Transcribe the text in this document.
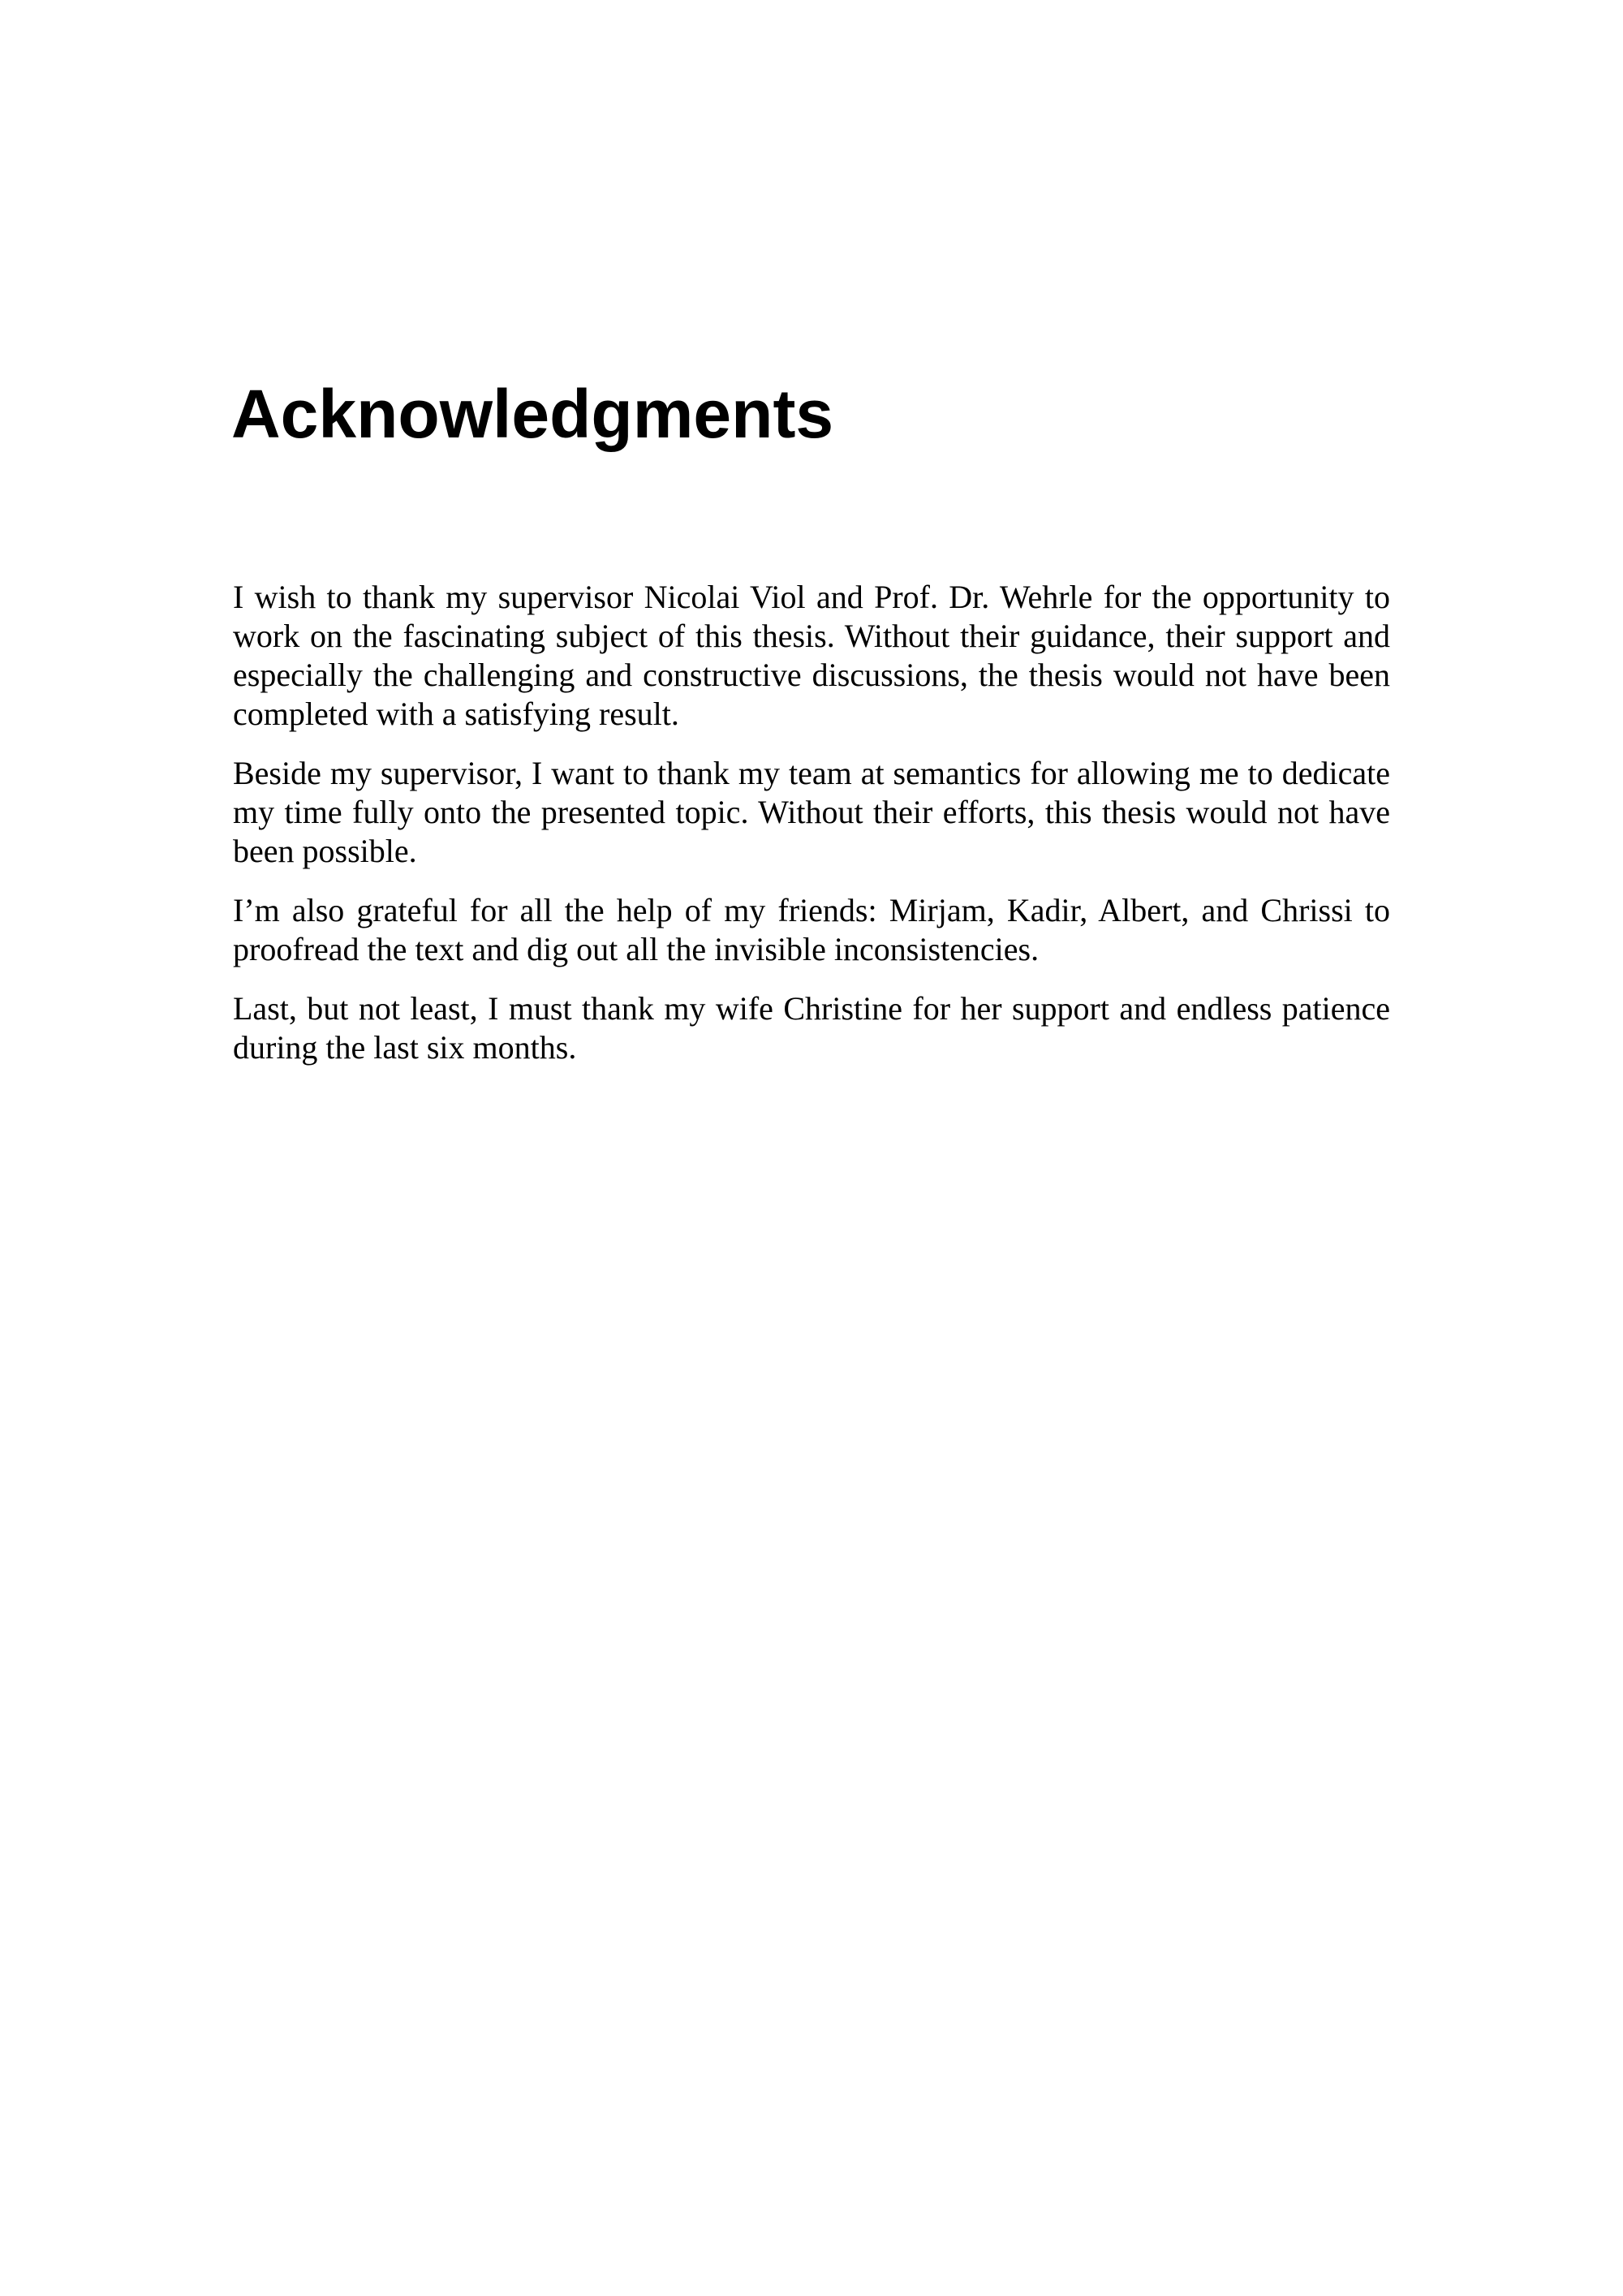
Acknowledgments

I wish to thank my supervisor Nicolai Viol and Prof. Dr. Wehrle for the opportunity to work on the fascinating subject of this thesis. Without their guidance, their support and especially the challenging and constructive discussions, the thesis would not have been completed with a satisfying result.

Beside my supervisor, I want to thank my team at semantics for allowing me to dedicate my time fully onto the presented topic. Without their efforts, this thesis would not have been possible.

I’m also grateful for all the help of my friends: Mirjam, Kadir, Albert, and Chrissi to proofread the text and dig out all the invisible inconsistencies.

Last, but not least, I must thank my wife Christine for her support and endless patience during the last six months.
